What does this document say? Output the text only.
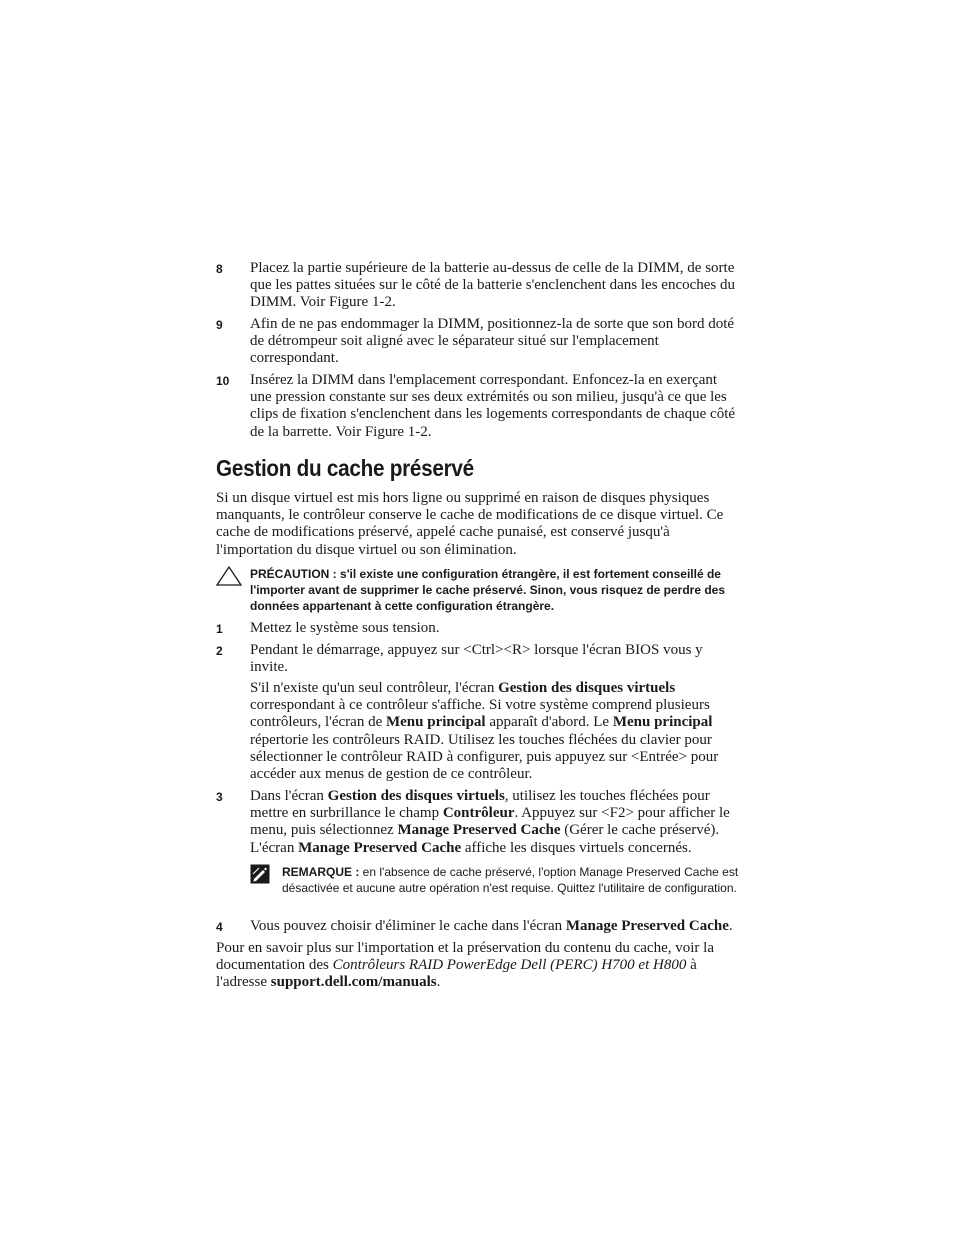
8	Placez la partie supérieure de la batterie au-dessus de celle de la DIMM, de sorte que les pattes situées sur le côté de la batterie s'enclenchent dans les encoches du DIMM. Voir Figure 1-2.
9	Afin de ne pas endommager la DIMM, positionnez-la de sorte que son bord doté de détrompeur soit aligné avec le séparateur situé sur l'emplacement correspondant.
10	Insérez la DIMM dans l'emplacement correspondant. Enfoncez-la en exerçant une pression constante sur ses deux extrémités ou son milieu, jusqu'à ce que les clips de fixation s'enclenchent dans les logements correspondants de chaque côté de la barrette. Voir Figure 1-2.
Gestion du cache préservé
Si un disque virtuel est mis hors ligne ou supprimé en raison de disques physiques manquants, le contrôleur conserve le cache de modifications de ce disque virtuel. Ce cache de modifications préservé, appelé cache punaisé, est conservé jusqu'à l'importation du disque virtuel ou son élimination.
PRÉCAUTION : s'il existe une configuration étrangère, il est fortement conseillé de l'importer avant de supprimer le cache préservé. Sinon, vous risquez de perdre des données appartenant à cette configuration étrangère.
1	Mettez le système sous tension.
2	Pendant le démarrage, appuyez sur <Ctrl><R> lorsque l'écran BIOS vous y invite.
S'il n'existe qu'un seul contrôleur, l'écran Gestion des disques virtuels correspondant à ce contrôleur s'affiche. Si votre système comprend plusieurs contrôleurs, l'écran de Menu principal apparaît d'abord. Le Menu principal répertorie les contrôleurs RAID. Utilisez les touches fléchées du clavier pour sélectionner le contrôleur RAID à configurer, puis appuyez sur <Entrée> pour accéder aux menus de gestion de ce contrôleur.
3	Dans l'écran Gestion des disques virtuels, utilisez les touches fléchées pour mettre en surbrillance le champ Contrôleur. Appuyez sur <F2> pour afficher le menu, puis sélectionnez Manage Preserved Cache (Gérer le cache préservé). L'écran Manage Preserved Cache affiche les disques virtuels concernés.
REMARQUE : en l'absence de cache préservé, l'option Manage Preserved Cache est désactivée et aucune autre opération n'est requise. Quittez l'utilitaire de configuration.
4	Vous pouvez choisir d'éliminer le cache dans l'écran Manage Preserved Cache.
Pour en savoir plus sur l'importation et la préservation du contenu du cache, voir la documentation des Contrôleurs RAID PowerEdge Dell (PERC) H700 et H800 à l'adresse support.dell.com/manuals.
